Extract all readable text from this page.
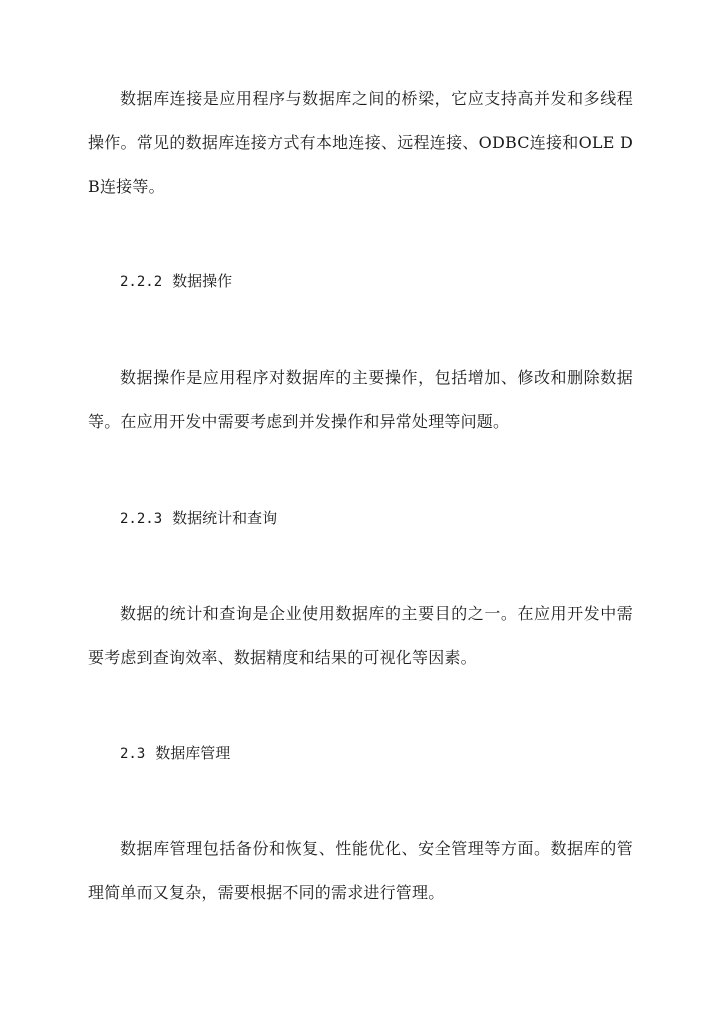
数据库连接是应用程序与数据库之间的桥梁，它应支持高并发和多线程操作。常见的数据库连接方式有本地连接、远程连接、ODBC连接和OLE DB连接等。

2.2.2 数据操作

数据操作是应用程序对数据库的主要操作，包括增加、修改和删除数据等。在应用开发中需要考虑到并发操作和异常处理等问题。

2.2.3 数据统计和查询

数据的统计和查询是企业使用数据库的主要目的之一。在应用开发中需要考虑到查询效率、数据精度和结果的可视化等因素。

2.3 数据库管理

数据库管理包括备份和恢复、性能优化、安全管理等方面。数据库的管理简单而又复杂，需要根据不同的需求进行管理。
